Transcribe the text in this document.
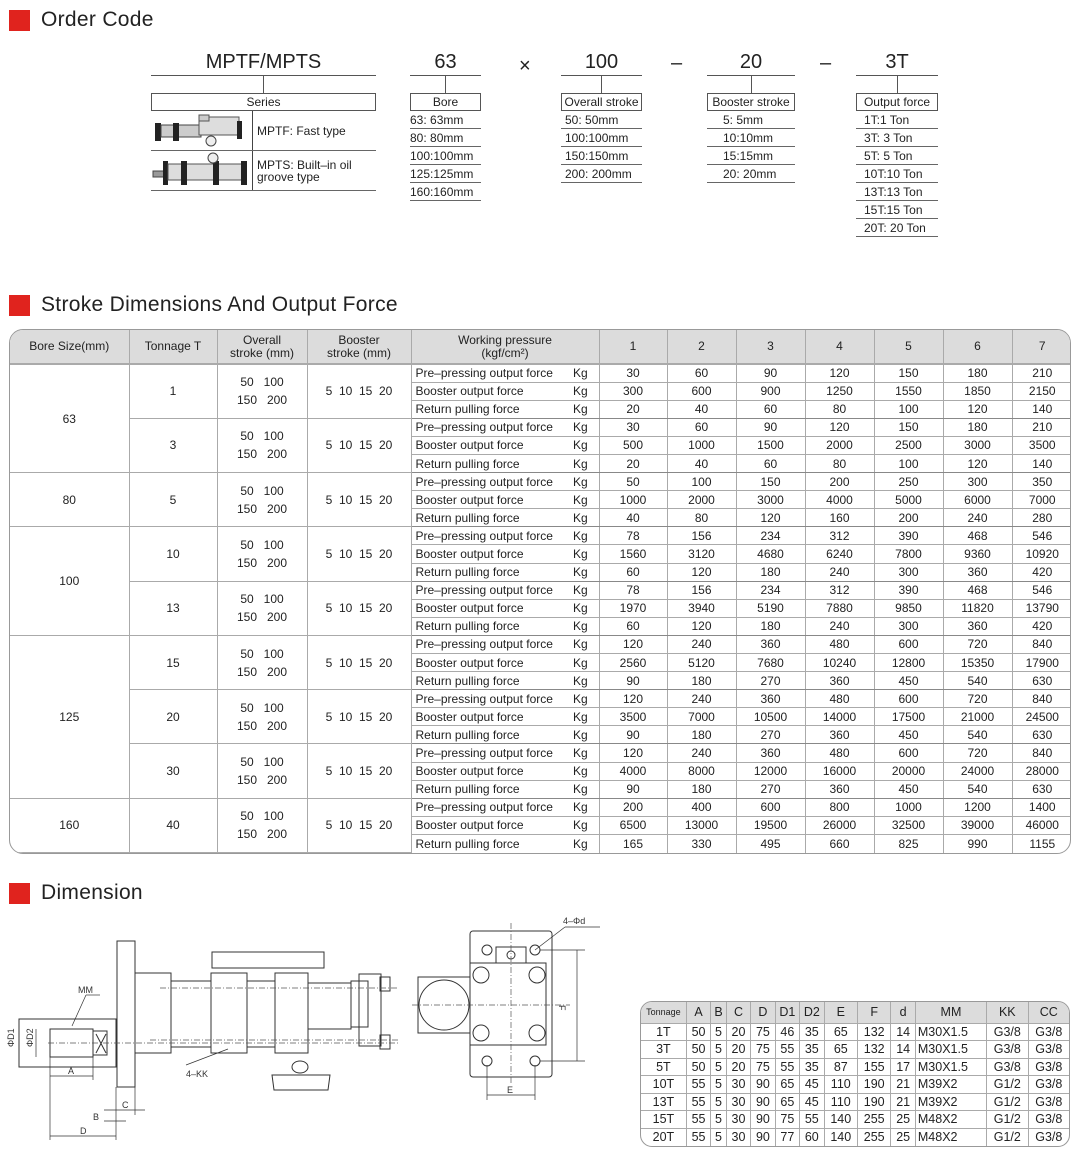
Order Code
MPTF/MPTS
Series
MPTF: Fast type
MPTS: Built–in oil groove type
×	–	–
63
Bore
63: 63mm
80: 80mm
100:100mm
125:125mm
160:160mm
100
Overall stroke
50: 50mm
100:100mm
150:150mm
200: 200mm
20
Booster stroke
5: 5mm
10:10mm
15:15mm
20: 20mm
3T
Output force
1T:1 Ton
3T: 3 Ton
5T: 5 Ton
10T:10 Ton
13T:13 Ton
15T:15 Ton
20T: 20 Ton
Stroke Dimensions And Output Force
Bore Size(mm)	Tonnage T	Overall
stroke (mm)	Booster
stroke (mm)	Working pressure
(kgf/cm²)		1	2	3	4	5	6	7
63	1	50   100
150   200	5  10  15  20	Pre–pressing output force	Kg	30	60	90	120	150	180	210
				Booster output force	Kg	300	600	900	1250	1550	1850	2150
				Return pulling force	Kg	20	40	60	80	100	120	140
	3	50   100
150   200	5  10  15  20	Pre–pressing output force	Kg	30	60	90	120	150	180	210
				Booster output force	Kg	500	1000	1500	2000	2500	3000	3500
				Return pulling force	Kg	20	40	60	80	100	120	140
80	5	50   100
150   200	5  10  15  20	Pre–pressing output force	Kg	50	100	150	200	250	300	350
				Booster output force	Kg	1000	2000	3000	4000	5000	6000	7000
				Return pulling force	Kg	40	80	120	160	200	240	280
100	10	50   100
150   200	5  10  15  20	Pre–pressing output force	Kg	78	156	234	312	390	468	546
				Booster output force	Kg	1560	3120	4680	6240	7800	9360	10920
				Return pulling force	Kg	60	120	180	240	300	360	420
	13	50   100
150   200	5  10  15  20	Pre–pressing output force	Kg	78	156	234	312	390	468	546
				Booster output force	Kg	1970	3940	5190	7880	9850	11820	13790
				Return pulling force	Kg	60	120	180	240	300	360	420
125	15	50   100
150   200	5  10  15  20	Pre–pressing output force	Kg	120	240	360	480	600	720	840
				Booster output force	Kg	2560	5120	7680	10240	12800	15350	17900
				Return pulling force	Kg	90	180	270	360	450	540	630
	20	50   100
150   200	5  10  15  20	Pre–pressing output force	Kg	120	240	360	480	600	720	840
				Booster output force	Kg	3500	7000	10500	14000	17500	21000	24500
				Return pulling force	Kg	90	180	270	360	450	540	630
	30	50   100
150   200	5  10  15  20	Pre–pressing output force	Kg	120	240	360	480	600	720	840
				Booster output force	Kg	4000	8000	12000	16000	20000	24000	28000
				Return pulling force	Kg	90	180	270	360	450	540	630
160	40	50   100
150   200	5  10  15  20	Pre–pressing output force	Kg	200	400	600	800	1000	1200	1400
				Booster output force	Kg	6500	13000	19500	26000	32500	39000	46000
				Return pulling force	Kg	165	330	495	660	825	990	1155
Dimension
MM
ΦD1 ΦD2
A
C
B
D
4–KK
4–Φd
F
E
Tonnage	A	B	C	D	D1	D2	E	F	d	MM	KK	CC
1T	50	5	20	75	46	35	65	132	14	M30X1.5	G3/8	G3/8
3T	50	5	20	75	55	35	65	132	14	M30X1.5	G3/8	G3/8
5T	50	5	20	75	55	35	87	155	17	M30X1.5	G3/8	G3/8
10T	55	5	30	90	65	45	110	190	21	M39X2	G1/2	G3/8
13T	55	5	30	90	65	45	110	190	21	M39X2	G1/2	G3/8
15T	55	5	30	90	75	55	140	255	25	M48X2	G1/2	G3/8
20T	55	5	30	90	77	60	140	255	25	M48X2	G1/2	G3/8
